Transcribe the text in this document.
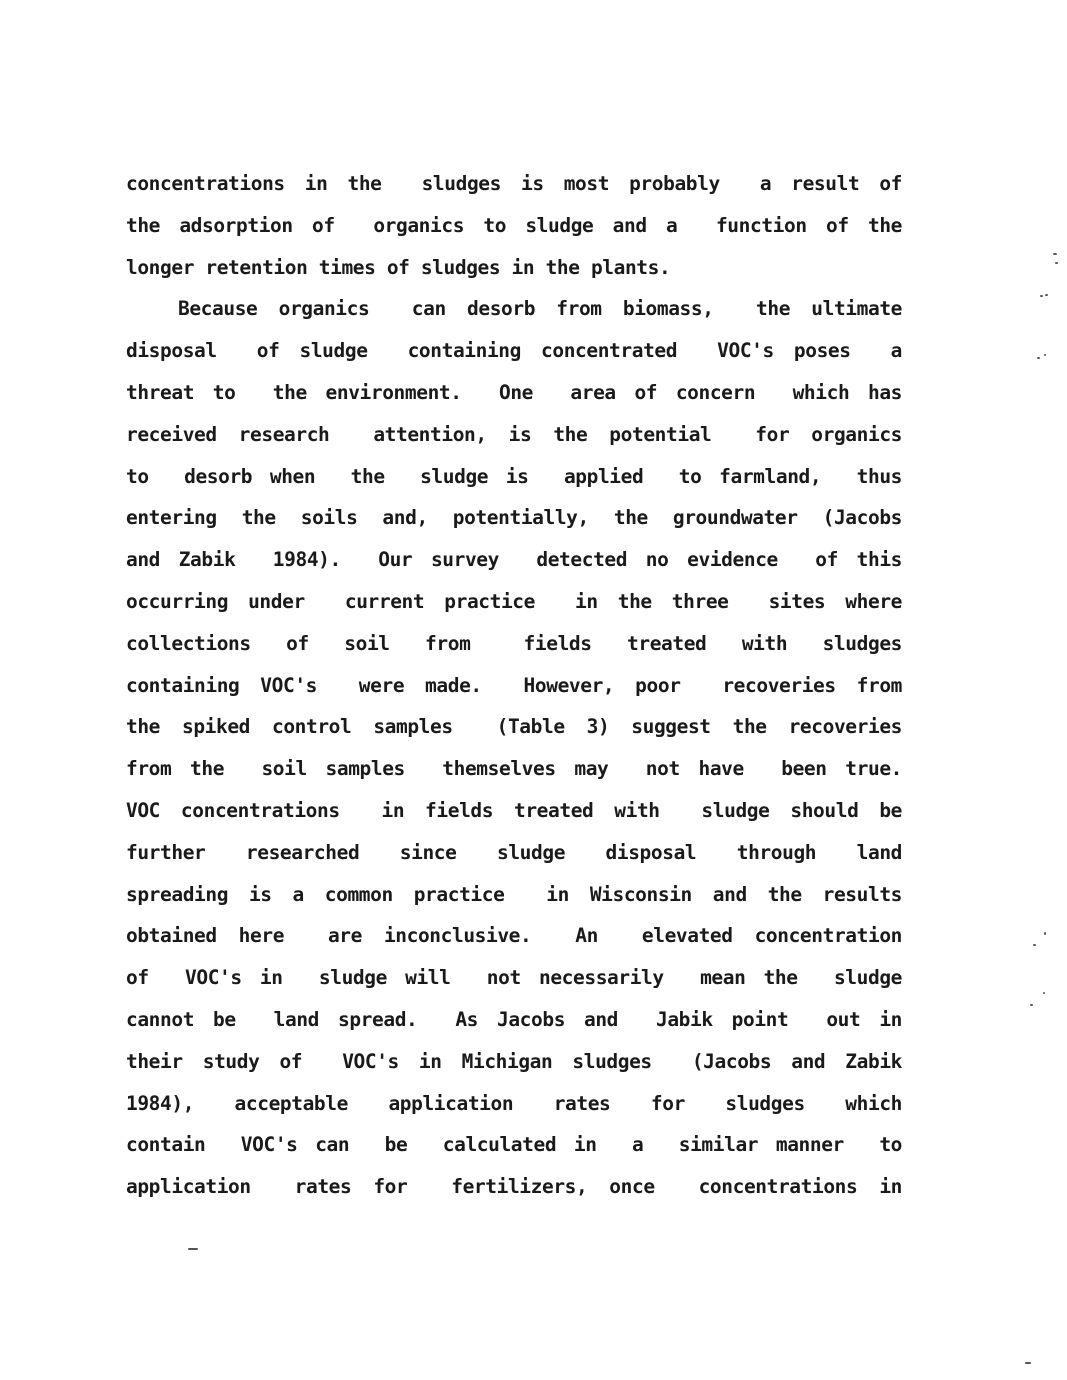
concentrations in the  sludges is most probably  a result of
the adsorption of  organics to sludge and a  function of the
longer retention times of sludges in the plants.
Because organics  can desorb from biomass,  the ultimate
disposal  of sludge  containing concentrated  VOC's poses  a
threat to  the environment.  One  area of concern  which has
received research  attention, is the potential  for organics
to  desorb when  the  sludge is  applied  to farmland,  thus
entering the soils and, potentially, the groundwater (Jacobs
and Zabik  1984).  Our survey  detected no evidence  of this
occurring under  current practice  in the three  sites where
collections  of  soil  from   fields  treated  with  sludges
containing VOC's  were made.  However, poor  recoveries from
the spiked control samples  (Table 3) suggest the recoveries
from the  soil samples  themselves may  not have  been true.
VOC concentrations  in fields treated with  sludge should be
further  researched  since  sludge  disposal  through  land
spreading is a common practice  in Wisconsin and the results
obtained here  are inconclusive.  An  elevated concentration
of  VOC's in  sludge will  not necessarily  mean the  sludge
cannot be  land spread.  As Jacobs and  Jabik point  out in
their study of  VOC's in Michigan sludges  (Jacobs and Zabik
1984),  acceptable  application  rates  for  sludges  which
contain  VOC's can  be  calculated in  a  similar manner  to
application  rates for  fertilizers, once  concentrations in
